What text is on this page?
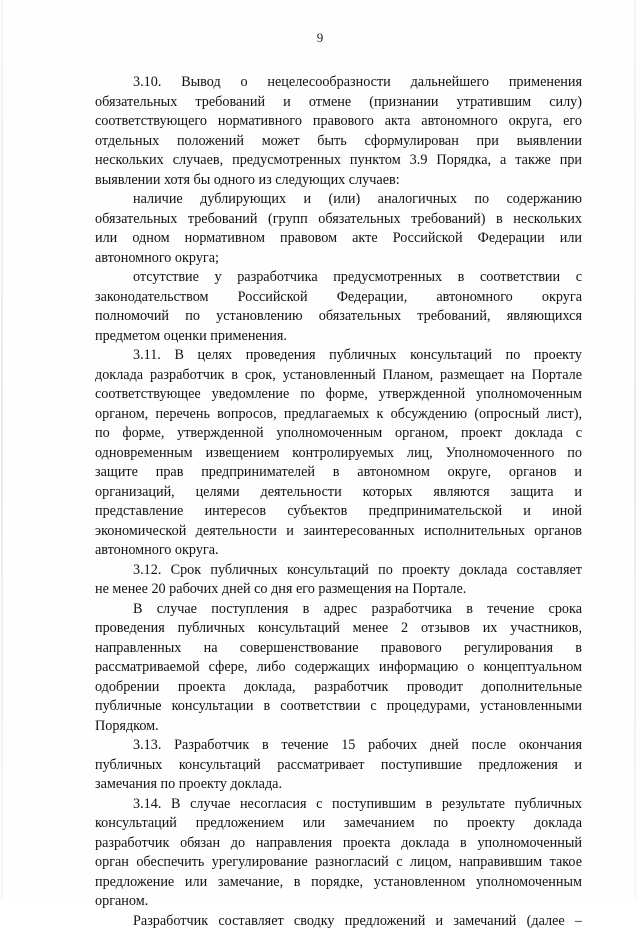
9
3.10. Вывод о нецелесообразности дальнейшего применения
обязательных требований и отмене (признании утратившим силу)
соответствующего нормативного правового акта автономного округа, его
отдельных положений может быть сформулирован при выявлении
нескольких случаев, предусмотренных пунктом 3.9 Порядка, а также при
выявлении хотя бы одного из следующих случаев:
наличие дублирующих и (или) аналогичных по содержанию
обязательных требований (групп обязательных требований) в нескольких
или одном нормативном правовом акте Российской Федерации или
автономного округа;
отсутствие у разработчика предусмотренных в соответствии с
законодательством Российской Федерации, автономного округа
полномочий по установлению обязательных требований, являющихся
предметом оценки применения.
3.11. В целях проведения публичных консультаций по проекту
доклада разработчик в срок, установленный Планом, размещает на Портале
соответствующее уведомление по форме, утвержденной уполномоченным
органом, перечень вопросов, предлагаемых к обсуждению (опросный лист),
по форме, утвержденной уполномоченным органом, проект доклада с
одновременным извещением контролируемых лиц, Уполномоченного по
защите прав предпринимателей в автономном округе, органов и
организаций, целями деятельности которых являются защита и
представление интересов субъектов предпринимательской и иной
экономической деятельности и заинтересованных исполнительных органов
автономного округа.
3.12. Срок публичных консультаций по проекту доклада составляет
не менее 20 рабочих дней со дня его размещения на Портале.
В случае поступления в адрес разработчика в течение срока
проведения публичных консультаций менее 2 отзывов их участников,
направленных на совершенствование правового регулирования в
рассматриваемой сфере, либо содержащих информацию о концептуальном
одобрении проекта доклада, разработчик проводит дополнительные
публичные консультации в соответствии с процедурами, установленными
Порядком.
3.13. Разработчик в течение 15 рабочих дней после окончания
публичных консультаций рассматривает поступившие предложения и
замечания по проекту доклада.
3.14. В случае несогласия с поступившим в результате публичных
консультаций предложением или замечанием по проекту доклада
разработчик обязан до направления проекта доклада в уполномоченный
орган обеспечить урегулирование разногласий с лицом, направившим такое
предложение или замечание, в порядке, установленном уполномоченным
органом.
Разработчик составляет сводку предложений и замечаний (далее –
